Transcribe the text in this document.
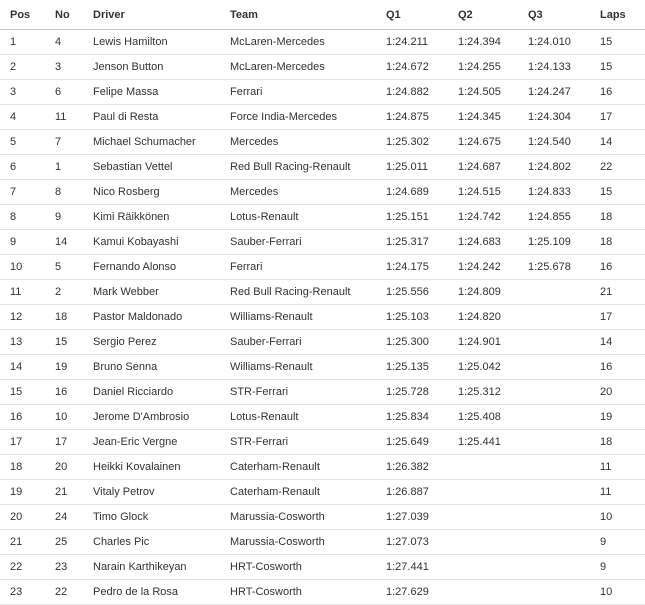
Pos	No	Driver	Team	Q1	Q2	Q3	Laps
1	4	Lewis Hamilton	McLaren-Mercedes	1:24.211	1:24.394	1:24.010	15
2	3	Jenson Button	McLaren-Mercedes	1:24.672	1:24.255	1:24.133	15
3	6	Felipe Massa	Ferrari	1:24.882	1:24.505	1:24.247	16
4	11	Paul di Resta	Force India-Mercedes	1:24.875	1:24.345	1:24.304	17
5	7	Michael Schumacher	Mercedes	1:25.302	1:24.675	1:24.540	14
6	1	Sebastian Vettel	Red Bull Racing-Renault	1:25.011	1:24.687	1:24.802	22
7	8	Nico Rosberg	Mercedes	1:24.689	1:24.515	1:24.833	15
8	9	Kimi Räikkönen	Lotus-Renault	1:25.151	1:24.742	1:24.855	18
9	14	Kamui Kobayashi	Sauber-Ferrari	1:25.317	1:24.683	1:25.109	18
10	5	Fernando Alonso	Ferrari	1:24.175	1:24.242	1:25.678	16
11	2	Mark Webber	Red Bull Racing-Renault	1:25.556	1:24.809		21
12	18	Pastor Maldonado	Williams-Renault	1:25.103	1:24.820		17
13	15	Sergio Perez	Sauber-Ferrari	1:25.300	1:24.901		14
14	19	Bruno Senna	Williams-Renault	1:25.135	1:25.042		16
15	16	Daniel Ricciardo	STR-Ferrari	1:25.728	1:25.312		20
16	10	Jerome D'Ambrosio	Lotus-Renault	1:25.834	1:25.408		19
17	17	Jean-Eric Vergne	STR-Ferrari	1:25.649	1:25.441		18
18	20	Heikki Kovalainen	Caterham-Renault	1:26.382			11
19	21	Vitaly Petrov	Caterham-Renault	1:26.887			11
20	24	Timo Glock	Marussia-Cosworth	1:27.039			10
21	25	Charles Pic	Marussia-Cosworth	1:27.073			9
22	23	Narain Karthikeyan	HRT-Cosworth	1:27.441			9
23	22	Pedro de la Rosa	HRT-Cosworth	1:27.629			10
